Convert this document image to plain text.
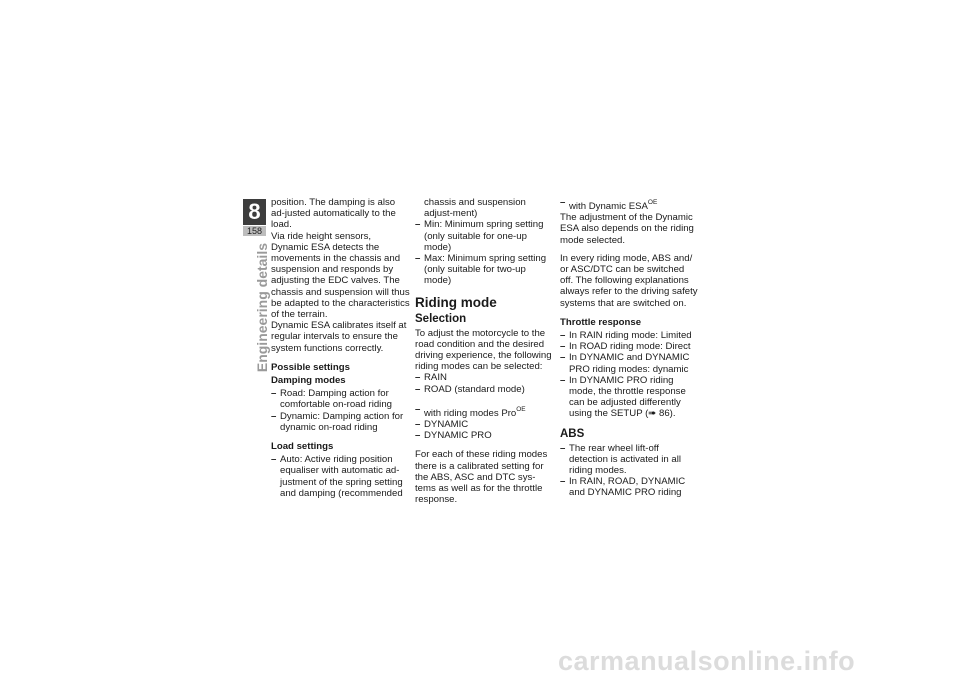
8
158
Engineering details

position. The damping is also ad-justed automatically to the load.

Via ride height sensors, Dynamic ESA detects the movements in the chassis and suspension and responds by adjusting the EDC valves. The chassis and suspension will thus be adapted to the characteristics of the terrain.

Dynamic ESA calibrates itself at regular intervals to ensure the system functions correctly.

Possible settings
Damping modes
– Road: Damping action for comfortable on-road riding
– Dynamic: Damping action for dynamic on-road riding
Load settings
– Auto: Active riding position equaliser with automatic ad-justment of the spring setting and damping (recommended

chassis and suspension adjust-ment)

– Min: Minimum spring setting (only suitable for one-up mode)
– Max: Minimum spring setting (only suitable for two-up mode)
Riding mode
Selection

To adjust the motorcycle to the road condition and the desired driving experience, the following riding modes can be selected:

– RAIN
– ROAD (standard mode)
– with riding modes Pro$^{OE}$
– DYNAMIC
– DYNAMIC PRO

For each of these riding modes there is a calibrated setting for the ABS, ASC and DTC sys-tems as well as for the throttle response.

– with Dynamic $ESA^{OE}$

The adjustment of the Dynamic ESA also depends on the riding mode selected.

In every riding mode, ABS and/ or ASC/DTC can be switched off. The following explanations always refer to the driving safety systems that are switched on.

Throttle response
– In RAIN riding mode: Limited
– In ROAD riding mode: Direct
– In DYNAMIC and DYNAMIC PRO riding modes: dynamic
– In DYNAMIC PRO riding mode, the throttle response can be adjusted differently using the SETUP (➠ 86).
ABS
– The rear wheel lift-off detection is activated in all riding modes.
– In RAIN, ROAD, DYNAMIC and DYNAMIC PRO riding
carmanualsonline.info
